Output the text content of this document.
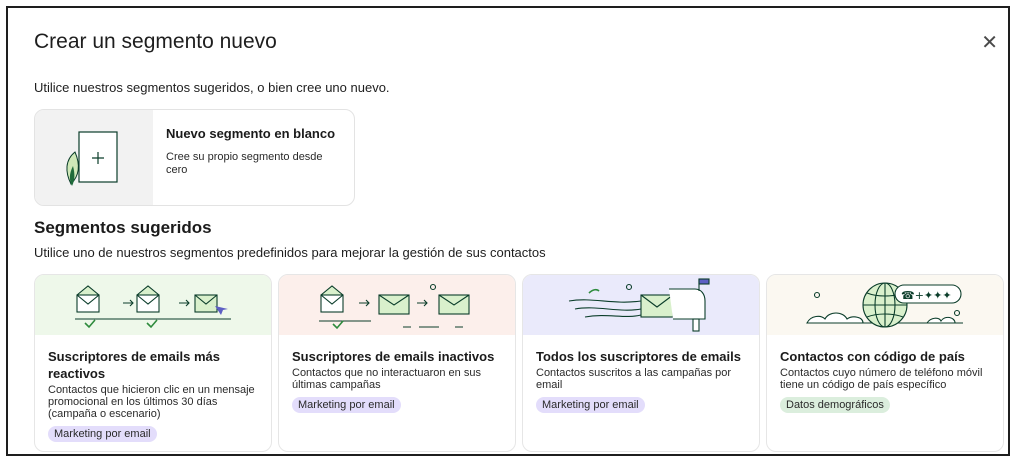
Crear un segmento nuevo	✕
Utilice nuestros segmentos sugeridos, o bien cree uno nuevo.
Nuevo segmento en blanco
Cree su propio segmento desde cero
Segmentos sugeridos
Utilice uno de nuestros segmentos predefinidos para mejorar la gestión de sus contactos
Suscriptores de emails más reactivos
Contactos que hicieron clic en un mensaje promocional en los últimos 30 días (campaña o escenario)
Marketing por email
Suscriptores de emails inactivos
Contactos que no interactuaron en sus últimas campañas
Marketing por email
Todos los suscriptores de emails
Contactos suscritos a las campañas por email
Marketing por email
☎+✦✦✦
Contactos con código de país
Contactos cuyo número de teléfono móvil tiene un código de país específico
Datos demográficos
